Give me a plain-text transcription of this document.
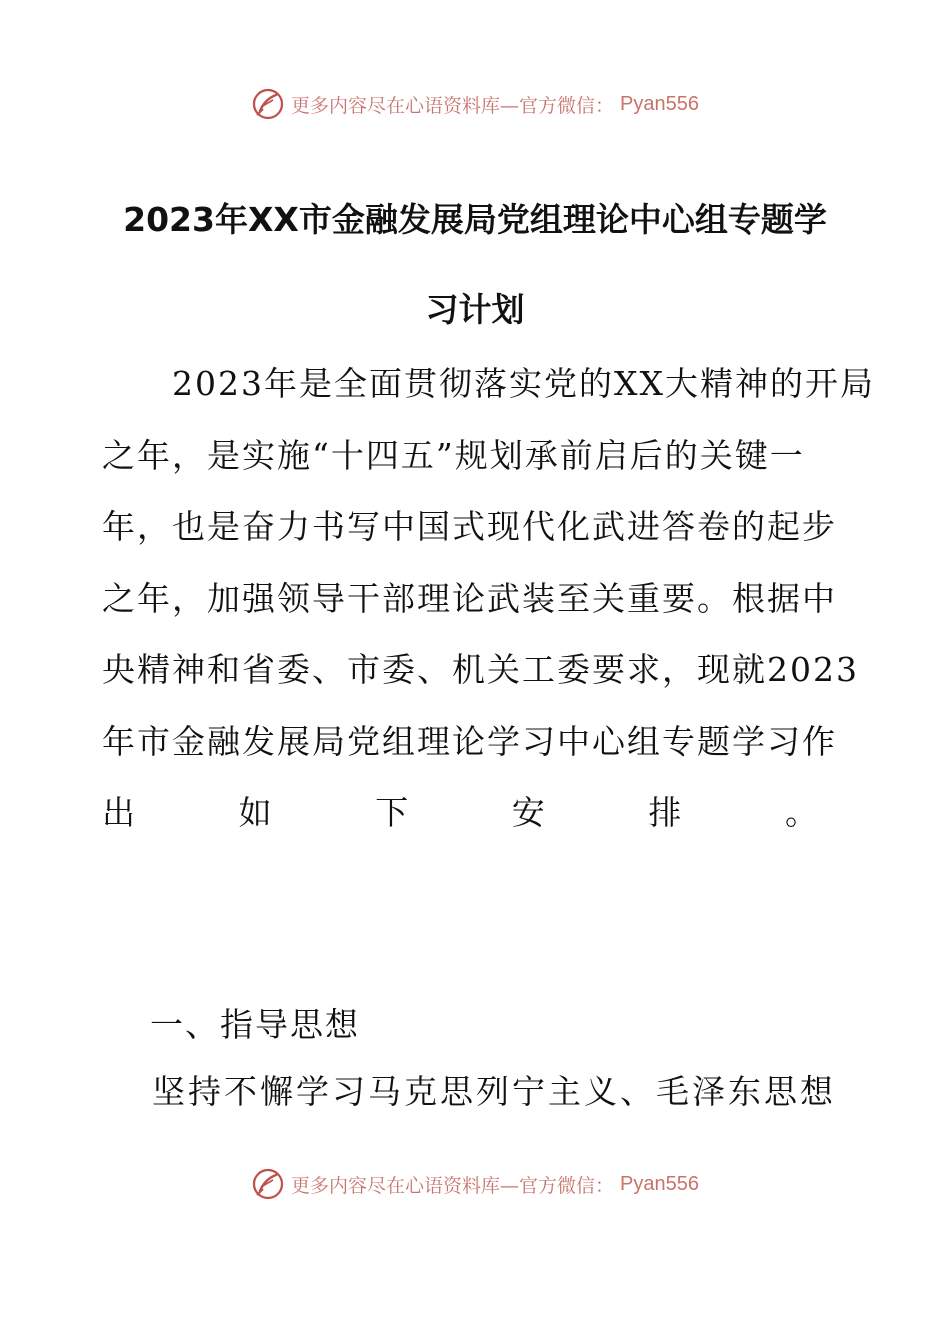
更多内容尽在心语资料库—官方微信： Pyan556
2023年XX市金融发展局党组理论中心组专题学
习计划
　　2023年是全面贯彻落实党的XX大精神的开局
之年，是实施“十四五”规划承前启后的关键一
年，也是奋力书写中国式现代化武进答卷的起步
之年，加强领导干部理论武装至关重要。根据中
央精神和省委、市委、机关工委要求，现就2023
年市金融发展局党组理论学习中心组专题学习作
出	如	下	安	排	。

一、指导思想

坚持不懈学习马克思列宁主义、毛泽东思想

更多内容尽在心语资料库—官方微信： Pyan556
